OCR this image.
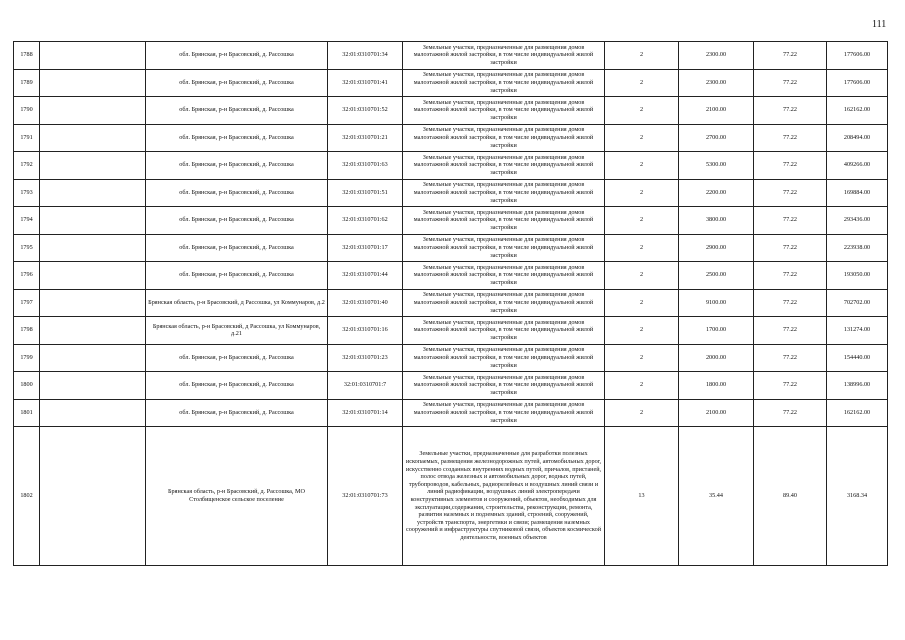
111
1788		обл. Брянская, р-н Брасовский, д. Рассошка	32:01:0310701:34	Земельные участки, предназначенные для размещения домов малоэтажной жилой застройки, в том числе индивидуальной жилой застройки	2	2300.00	77.22	177606.00
1789		обл. Брянская, р-н Брасовский, д. Рассошка	32:01:0310701:41	Земельные участки, предназначенные для размещения домов малоэтажной жилой застройки, в том числе индивидуальной жилой застройки	2	2300.00	77.22	177606.00
1790		обл. Брянская, р-н Брасовский, д. Рассошка	32:01:0310701:52	Земельные участки, предназначенные для размещения домов малоэтажной жилой застройки, в том числе индивидуальной жилой застройки	2	2100.00	77.22	162162.00
1791		обл. Брянская, р-н Брасовский, д. Рассошка	32:01:0310701:21	Земельные участки, предназначенные для размещения домов малоэтажной жилой застройки, в том числе индивидуальной жилой застройки	2	2700.00	77.22	208494.00
1792		обл. Брянская, р-н Брасовский, д. Рассошка	32:01:0310701:63	Земельные участки, предназначенные для размещения домов малоэтажной жилой застройки, в том числе индивидуальной жилой застройки	2	5300.00	77.22	409266.00
1793		обл. Брянская, р-н Брасовский, д. Рассошка	32:01:0310701:51	Земельные участки, предназначенные для размещения домов малоэтажной жилой застройки, в том числе индивидуальной жилой застройки	2	2200.00	77.22	169884.00
1794		обл. Брянская, р-н Брасовский, д. Рассошка	32:01:0310701:62	Земельные участки, предназначенные для размещения домов малоэтажной жилой застройки, в том числе индивидуальной жилой застройки	2	3800.00	77.22	293436.00
1795		обл. Брянская, р-н Брасовский, д. Рассошка	32:01:0310701:17	Земельные участки, предназначенные для размещения домов малоэтажной жилой застройки, в том числе индивидуальной жилой застройки	2	2900.00	77.22	223938.00
1796		обл. Брянская, р-н Брасовский, д. Рассошка	32:01:0310701:44	Земельные участки, предназначенные для размещения домов малоэтажной жилой застройки, в том числе индивидуальной жилой застройки	2	2500.00	77.22	193050.00
1797		Брянская область, р-н Брасовский, д Рассошка, ул Коммунаров, д.2	32:01:0310701:40	Земельные участки, предназначенные для размещения домов малоэтажной жилой застройки, в том числе индивидуальной жилой застройки	2	9100.00	77.22	702702.00
1798		Брянская область, р-н Брасовский, д Рассошка, ул Коммунаров, д.21	32:01:0310701:16	Земельные участки, предназначенные для размещения домов малоэтажной жилой застройки, в том числе индивидуальной жилой застройки	2	1700.00	77.22	131274.00
1799		обл. Брянская, р-н Брасовский, д. Рассошка	32:01:0310701:23	Земельные участки, предназначенные для размещения домов малоэтажной жилой застройки, в том числе индивидуальной жилой застройки	2	2000.00	77.22	154440.00
1800		обл. Брянская, р-н Брасовский, д. Рассошка	32:01:0310701:7	Земельные участки, предназначенные для размещения домов малоэтажной жилой застройки, в том числе индивидуальной жилой застройки	2	1800.00	77.22	138996.00
1801		обл. Брянская, р-н Брасовский, д. Рассошка	32:01:0310701:14	Земельные участки, предназначенные для размещения домов малоэтажной жилой застройки, в том числе индивидуальной жилой застройки	2	2100.00	77.22	162162.00
1802		Брянская область, р-н Брасовский, д. Рассошка, МО Столбищенское сельское поселение	32:01:0310701:73	Земельные участки, предназначенные для разработки полезных ископаемых, размещения железнодорожных путей, автомобильных дорог, искусственно созданных внутренних водных путей, причалов, пристаней, полос отвода железных и автомобильных дорог, водных путей, трубопроводов, кабельных, радиорелейных и воздушных линий связи и линий радиофикации, воздушных линий электропередачи конструктивных элементов и сооружений, объектов, необходимых для эксплуатации,содержания, строительства, реконструкции, ремонта, развития наземных и подземных зданий, строений, сооружений, устройств транспорта, энергетики и связи; размещения наземных сооружений и инфраструктуры спутниковой связи, объектов космической деятельности, военных объектов	13	35.44	89.40	3168.34
